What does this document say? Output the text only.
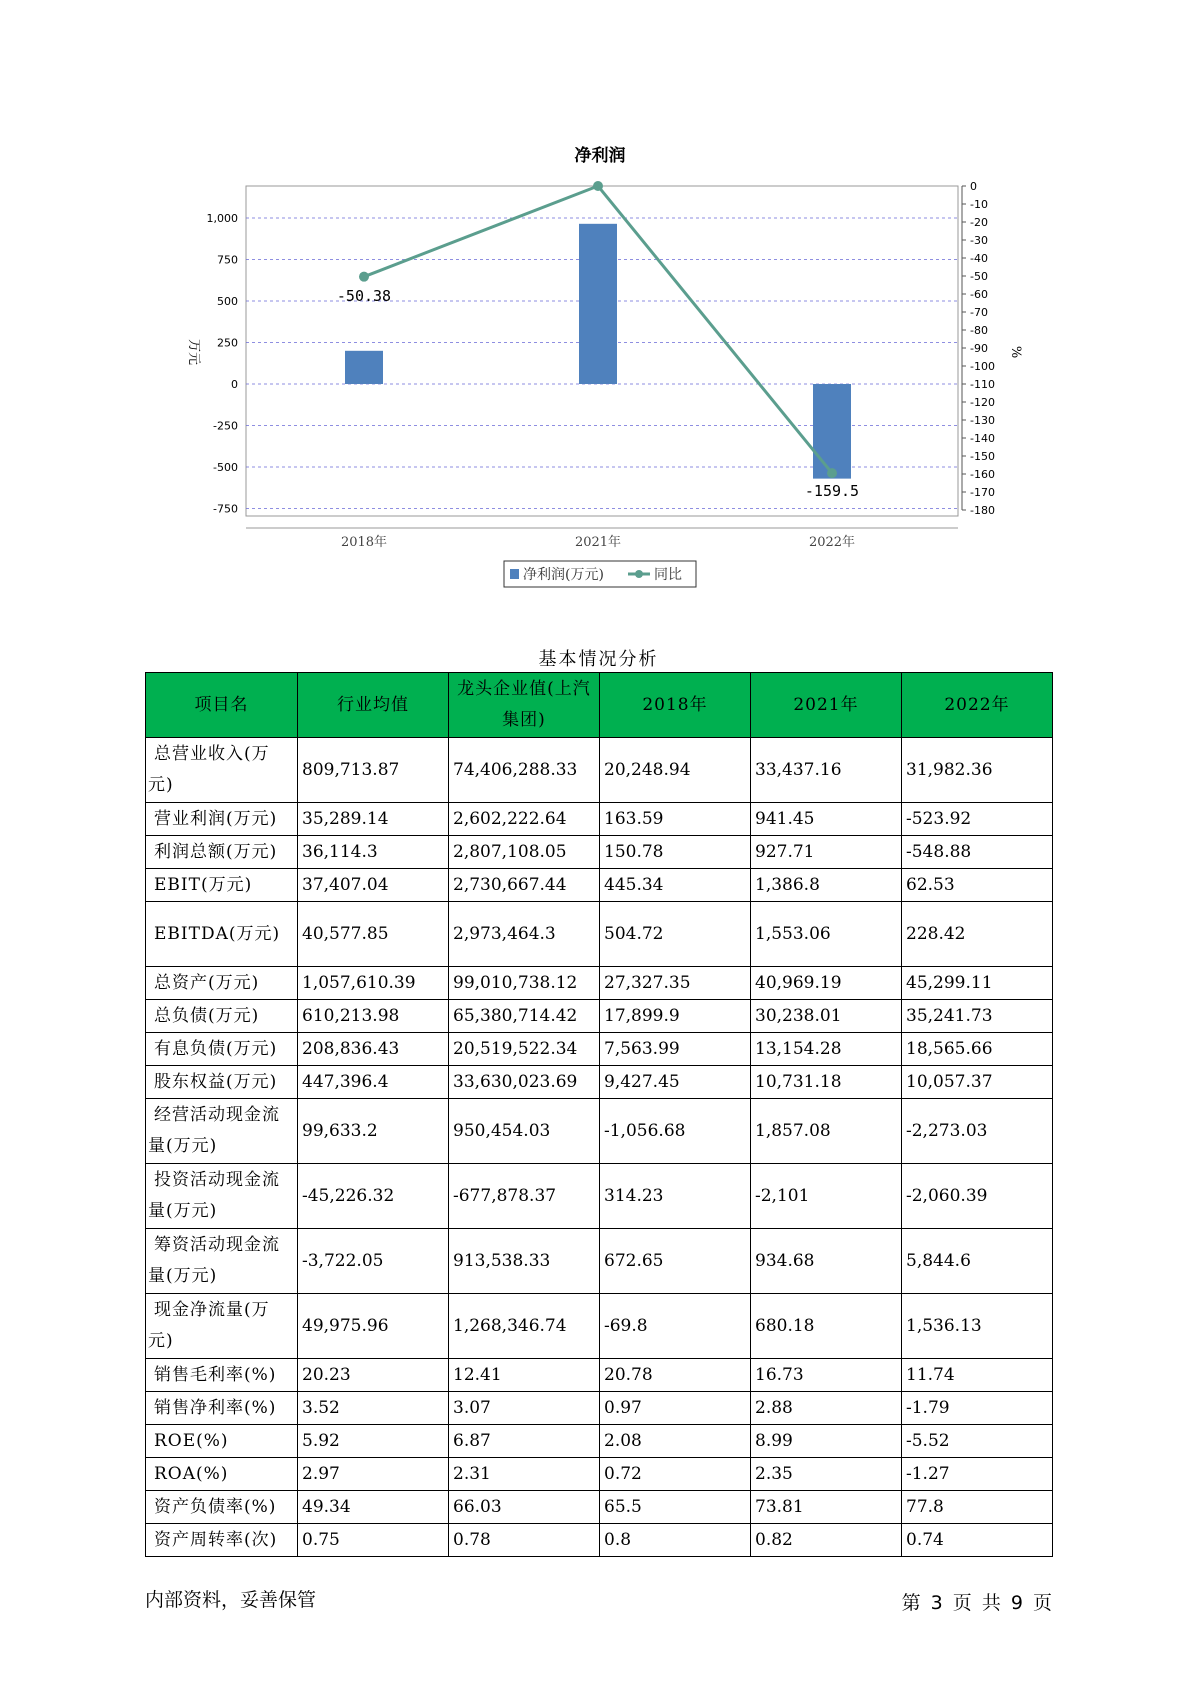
净利润
1,000
750
500
250
0
-250
-500
-750
0
-10
-20
-30
-40
-50
-60
-70
-80
-90
-100
-110
-120
-130
-140
-150
-160
-170
-180
万元	%
2018年	2021年	2022年
-50.38
-159.5
净利润(万元)	同比
基本情况分析
项目名	行业均值	龙头企业值(上汽集团)	2018年	2021年	2022年
总营业收入(万元)	809,713.87	74,406,288.33	20,248.94	33,437.16	31,982.36
营业利润(万元)	35,289.14	2,602,222.64	163.59	941.45	-523.92
利润总额(万元)	36,114.3	2,807,108.05	150.78	927.71	-548.88
EBIT(万元)	37,407.04	2,730,667.44	445.34	1,386.8	62.53
EBITDA(万元)	40,577.85	2,973,464.3	504.72	1,553.06	228.42
总资产(万元)	1,057,610.39	99,010,738.12	27,327.35	40,969.19	45,299.11
总负债(万元)	610,213.98	65,380,714.42	17,899.9	30,238.01	35,241.73
有息负债(万元)	208,836.43	20,519,522.34	7,563.99	13,154.28	18,565.66
股东权益(万元)	447,396.4	33,630,023.69	9,427.45	10,731.18	10,057.37
经营活动现金流量(万元)	99,633.2	950,454.03	-1,056.68	1,857.08	-2,273.03
投资活动现金流量(万元)	-45,226.32	-677,878.37	314.23	-2,101	-2,060.39
筹资活动现金流量(万元)	-3,722.05	913,538.33	672.65	934.68	5,844.6
现金净流量(万元)	49,975.96	1,268,346.74	-69.8	680.18	1,536.13
销售毛利率(%)	20.23	12.41	20.78	16.73	11.74
销售净利率(%)	3.52	3.07	0.97	2.88	-1.79
ROE(%)	5.92	6.87	2.08	8.99	-5.52
ROA(%)	2.97	2.31	0.72	2.35	-1.27
资产负债率(%)	49.34	66.03	65.5	73.81	77.8
资产周转率(次)	0.75	0.78	0.8	0.82	0.74
内部资料，妥善保管	第 3 页 共 9 页
